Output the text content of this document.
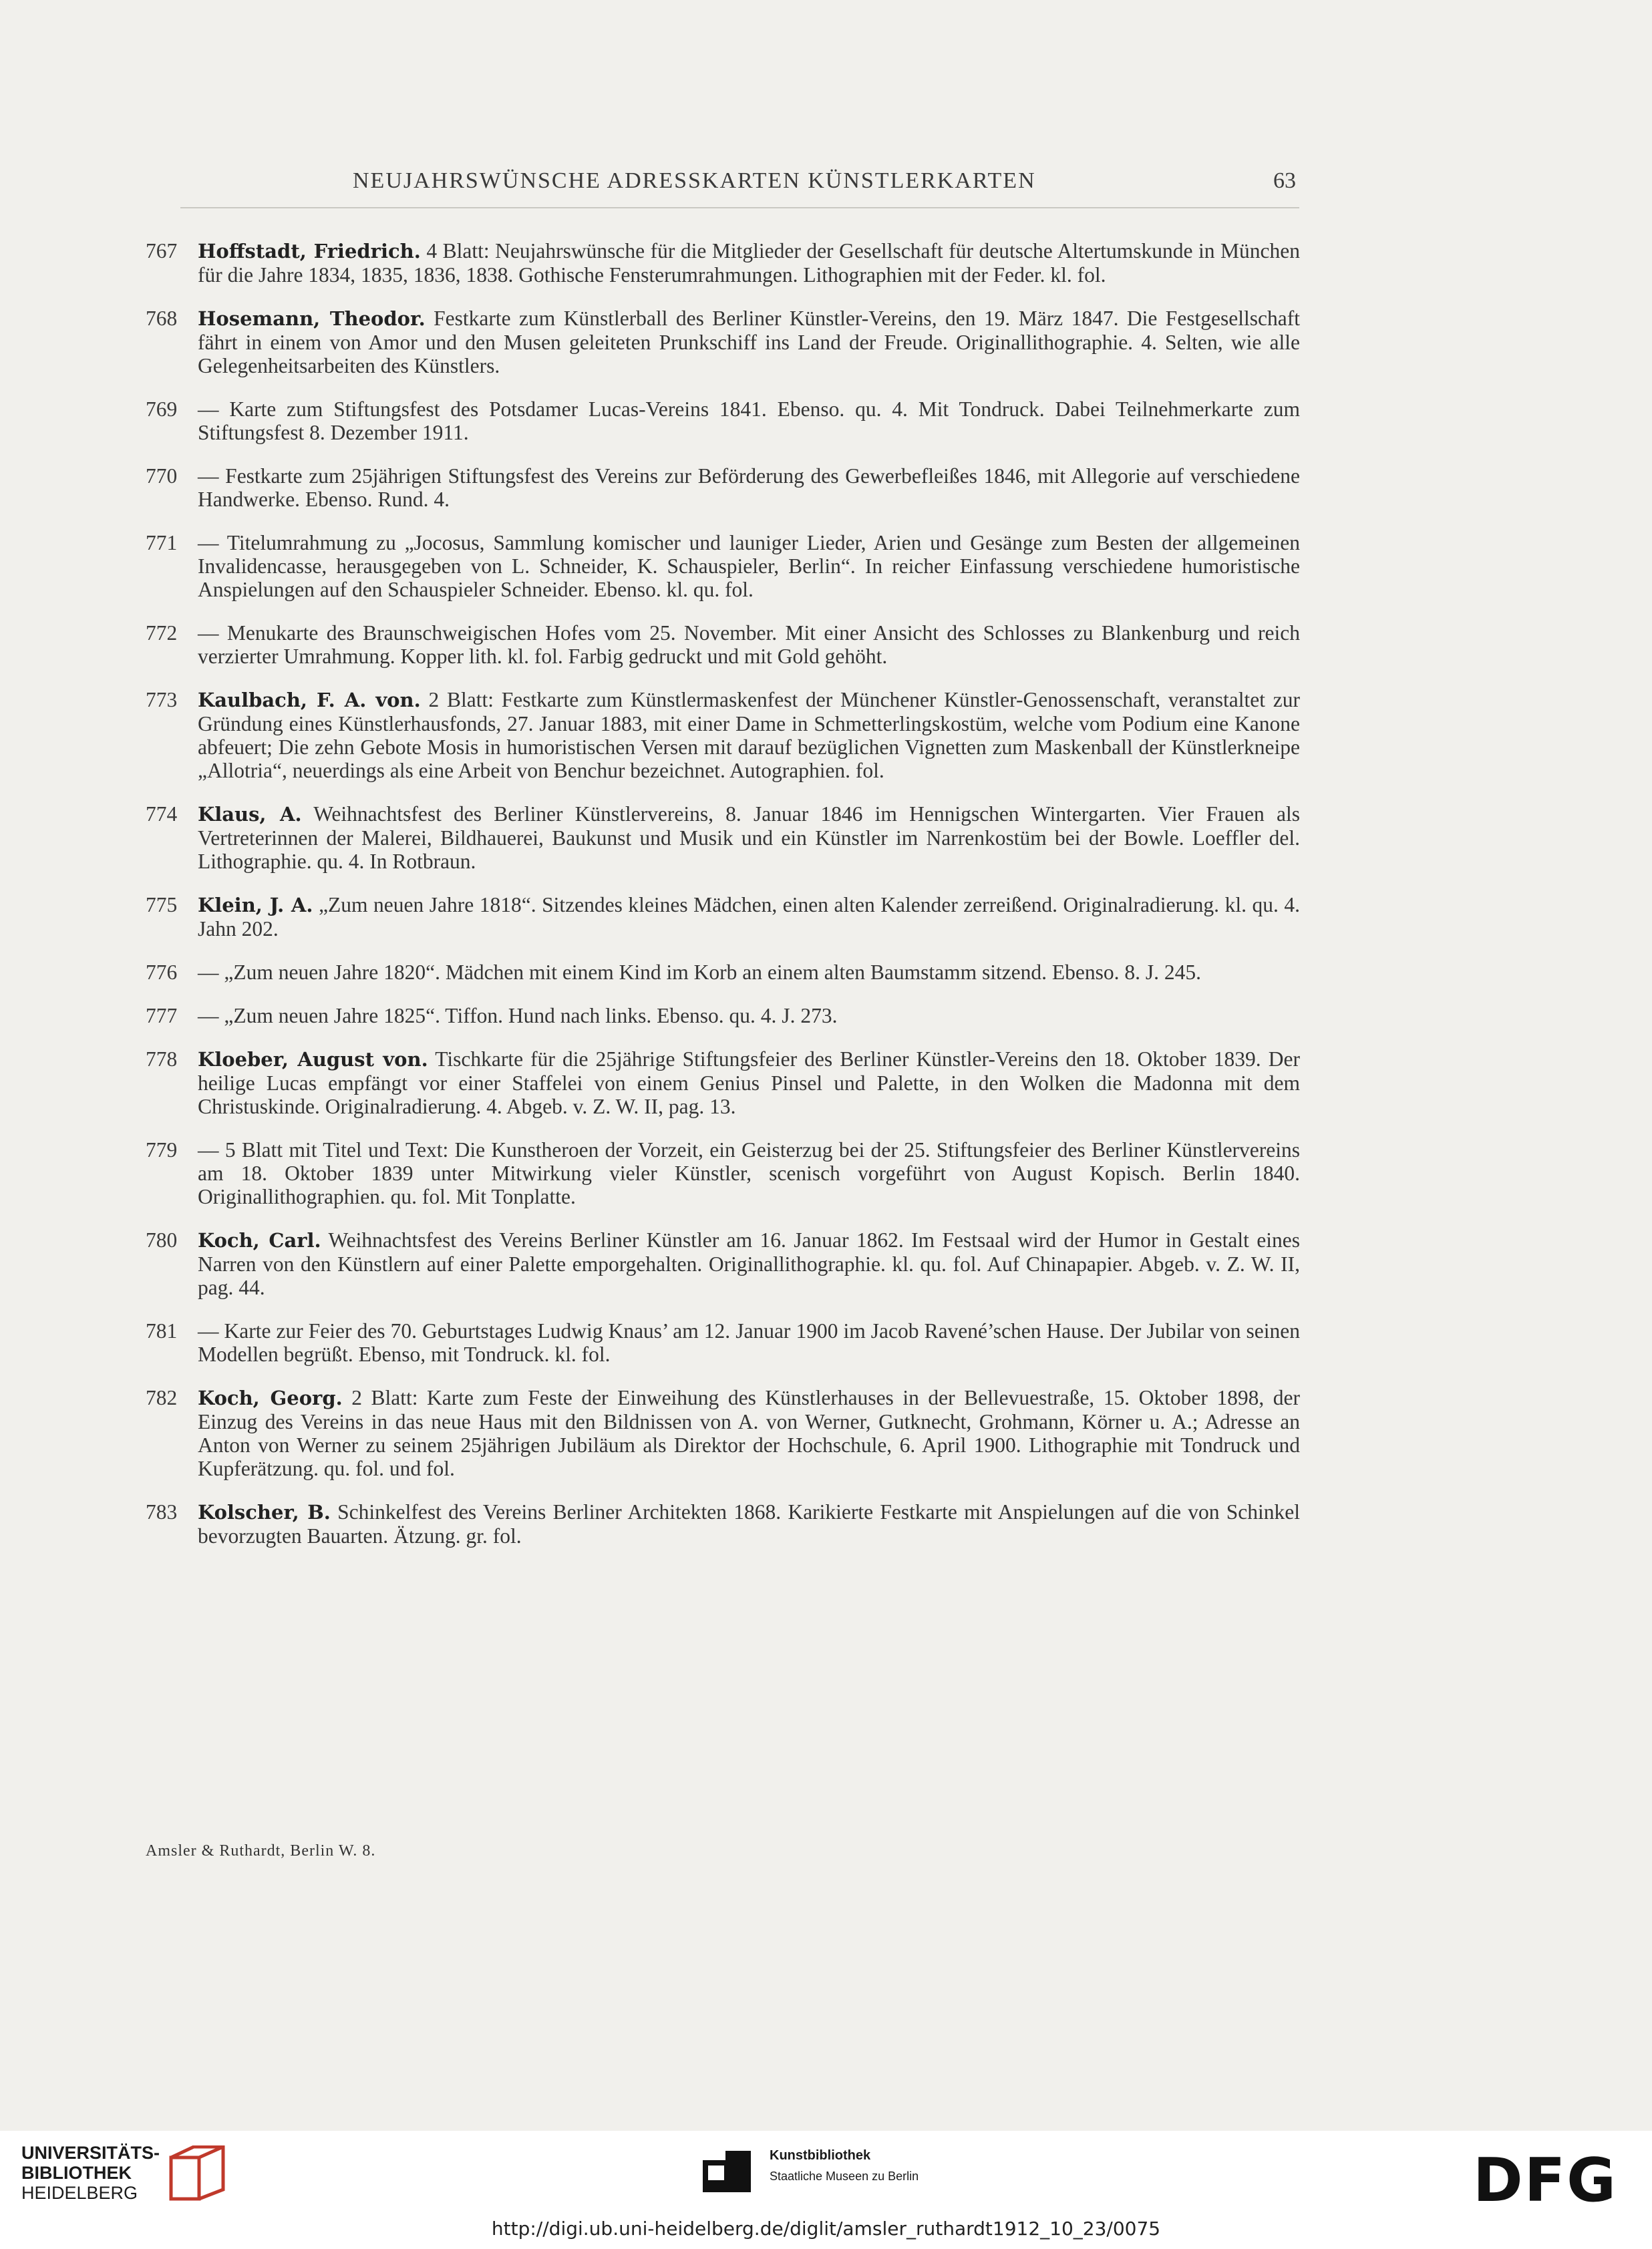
NEUJAHRSWÜNSCHE ADRESSKARTEN KÜNSTLERKARTEN	63
767 Hoffstadt, Friedrich. 4 Blatt: Neujahrswünsche für die Mitglieder der Gesellschaft für deutsche Altertumskunde in München für die Jahre 1834, 1835, 1836, 1838. Gothische Fensterumrahmungen. Lithographien mit der Feder. kl. fol.
768 Hosemann, Theodor. Festkarte zum Künstlerball des Berliner Künstler-Vereins, den 19. März 1847. Die Festgesellschaft fährt in einem von Amor und den Musen geleiteten Prunkschiff ins Land der Freude. Originallithographie. 4. Selten, wie alle Gelegenheitsarbeiten des Künstlers.
769 — Karte zum Stiftungsfest des Potsdamer Lucas-Vereins 1841. Ebenso. qu. 4. Mit Tondruck. Dabei Teilnehmerkarte zum Stiftungsfest 8. Dezember 1911.
770 — Festkarte zum 25jährigen Stiftungsfest des Vereins zur Beförderung des Gewerbefleißes 1846, mit Allegorie auf verschiedene Handwerke. Ebenso. Rund. 4.
771 — Titelumrahmung zu „Jocosus, Sammlung komischer und launiger Lieder, Arien und Gesänge zum Besten der allgemeinen Invalidencasse, herausgegeben von L. Schneider, K. Schauspieler, Berlin“. In reicher Einfassung verschiedene humoristische Anspielungen auf den Schauspieler Schneider. Ebenso. kl. qu. fol.
772 — Menukarte des Braunschweigischen Hofes vom 25. November. Mit einer Ansicht des Schlosses zu Blankenburg und reich verzierter Umrahmung. Kopper lith. kl. fol. Farbig gedruckt und mit Gold gehöht.
773 Kaulbach, F. A. von. 2 Blatt: Festkarte zum Künstlermaskenfest der Münchener Künstler-Genossenschaft, veranstaltet zur Gründung eines Künstlerhausfonds, 27. Januar 1883, mit einer Dame in Schmetterlingskostüm, welche vom Podium eine Kanone abfeuert; Die zehn Gebote Mosis in humoristischen Versen mit darauf bezüglichen Vignetten zum Maskenball der Künstlerkneipe „Allotria“, neuerdings als eine Arbeit von Benchur bezeichnet. Autographien. fol.
774 Klaus, A. Weihnachtsfest des Berliner Künstlervereins, 8. Januar 1846 im Hennigschen Wintergarten. Vier Frauen als Vertreterinnen der Malerei, Bildhauerei, Baukunst und Musik und ein Künstler im Narrenkostüm bei der Bowle. Loeffler del. Lithographie. qu. 4. In Rotbraun.
775 Klein, J. A. „Zum neuen Jahre 1818“. Sitzendes kleines Mädchen, einen alten Kalender zerreißend. Originalradierung. kl. qu. 4. Jahn 202.
776 — „Zum neuen Jahre 1820“. Mädchen mit einem Kind im Korb an einem alten Baumstamm sitzend. Ebenso. 8. J. 245.
777 — „Zum neuen Jahre 1825“. Tiffon. Hund nach links. Ebenso. qu. 4. J. 273.
778 Kloeber, August von. Tischkarte für die 25jährige Stiftungsfeier des Berliner Künstler-Vereins den 18. Oktober 1839. Der heilige Lucas empfängt vor einer Staffelei von einem Genius Pinsel und Palette, in den Wolken die Madonna mit dem Christuskinde. Originalradierung. 4. Abgeb. v. Z. W. II, pag. 13.
779 — 5 Blatt mit Titel und Text: Die Kunstheroen der Vorzeit, ein Geisterzug bei der 25. Stiftungsfeier des Berliner Künstlervereins am 18. Oktober 1839 unter Mitwirkung vieler Künstler, scenisch vorgeführt von August Kopisch. Berlin 1840. Originallithographien. qu. fol. Mit Tonplatte.
780 Koch, Carl. Weihnachtsfest des Vereins Berliner Künstler am 16. Januar 1862. Im Festsaal wird der Humor in Gestalt eines Narren von den Künstlern auf einer Palette emporgehalten. Originallithographie. kl. qu. fol. Auf Chinapapier. Abgeb. v. Z. W. II, pag. 44.
781 — Karte zur Feier des 70. Geburtstages Ludwig Knaus’ am 12. Januar 1900 im Jacob Ravené’schen Hause. Der Jubilar von seinen Modellen begrüßt. Ebenso, mit Tondruck. kl. fol.
782 Koch, Georg. 2 Blatt: Karte zum Feste der Einweihung des Künstlerhauses in der Bellevuestraße, 15. Oktober 1898, der Einzug des Vereins in das neue Haus mit den Bildnissen von A. von Werner, Gutknecht, Grohmann, Körner u. A.; Adresse an Anton von Werner zu seinem 25jährigen Jubiläum als Direktor der Hochschule, 6. April 1900. Lithographie mit Tondruck und Kupferätzung. qu. fol. und fol.
783 Kolscher, B. Schinkelfest des Vereins Berliner Architekten 1868. Karikierte Festkarte mit Anspielungen auf die von Schinkel bevorzugten Bauarten. Ätzung. gr. fol.
Amsler & Ruthardt, Berlin W. 8.
UNIVERSITÄTS-
BIBLIOTHEK
HEIDELBERG
Kunstbibliothek
Staatliche Museen zu Berlin	DFG
http://digi.ub.uni-heidelberg.de/diglit/amsler_ruthardt1912_10_23/0075
